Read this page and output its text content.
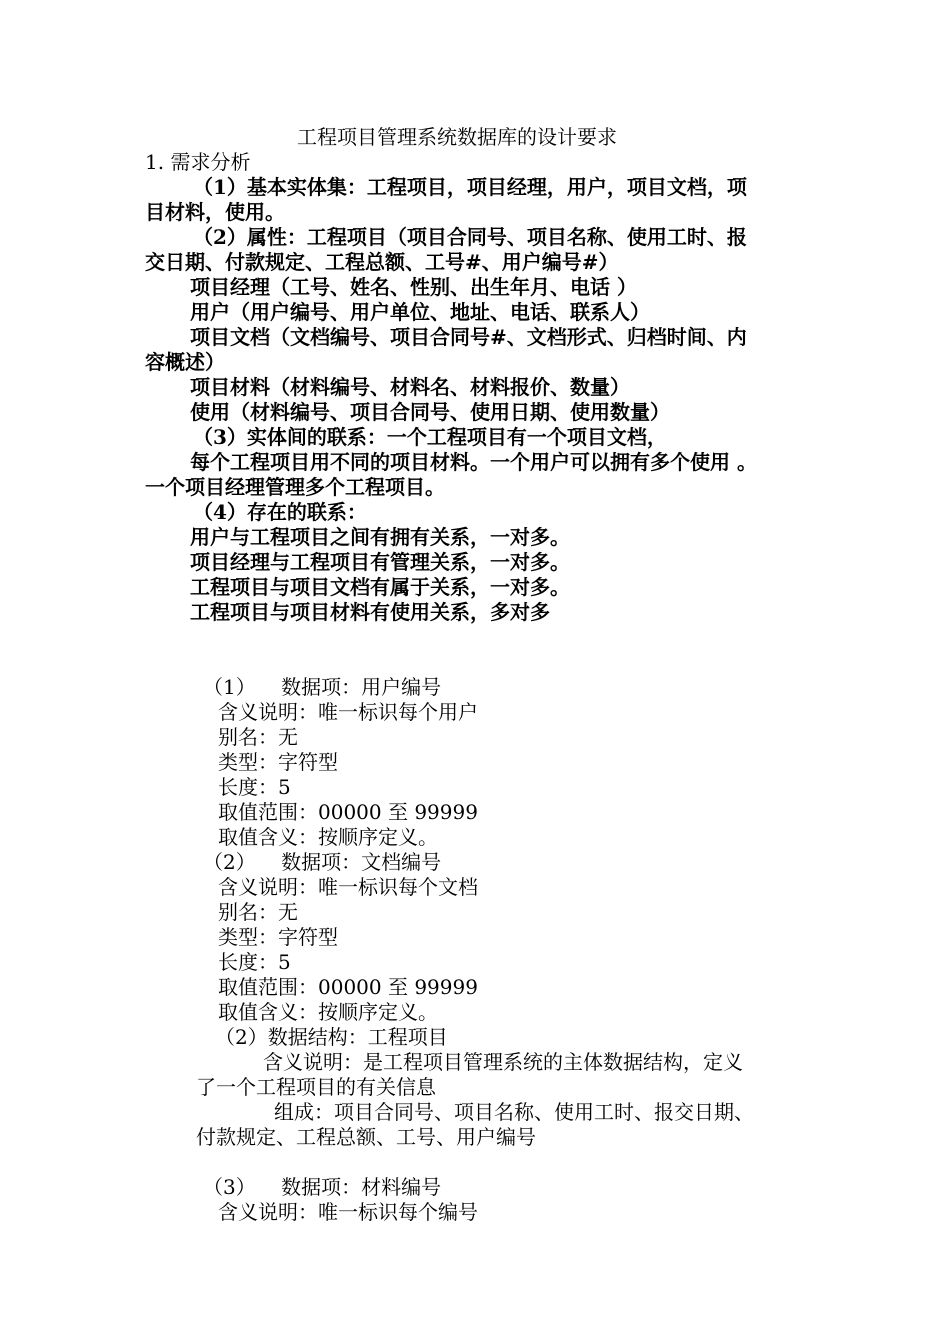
工程项目管理系统数据库的设计要求
1. 需求分析
（1）基本实体集：工程项目，项目经理，用户，项目文档，项
目材料，使用。
（2）属性：工程项目（项目合同号、项目名称、使用工时、报
交日期、付款规定、工程总额、工号#、用户编号#）
项目经理（工号、姓名、性别、出生年月、电话 ）
用户（用户编号、用户单位、地址、电话、联系人）
项目文档（文档编号、项目合同号#、文档形式、归档时间、内
容概述）
项目材料（材料编号、材料名、材料报价、数量）
使用（材料编号、项目合同号、使用日期、使用数量）
（3）实体间的联系：一个工程项目有一个项目文档，
每个工程项目用不同的项目材料。一个用户可以拥有多个使用 。
一个项目经理管理多个工程项目。
（4）存在的联系：
用户与工程项目之间有拥有关系，一对多。
项目经理与工程项目有管理关系，一对多。
工程项目与项目文档有属于关系，一对多。
工程项目与项目材料有使用关系，多对多
（1）    数据项：用户编号
含义说明：唯一标识每个用户
别名：无
类型：字符型
长度：5
取值范围：00000 至 99999
取值含义：按顺序定义。
（2）    数据项：文档编号
含义说明：唯一标识每个文档
别名：无
类型：字符型
长度：5
取值范围：00000 至 99999
取值含义：按顺序定义。
（2）数据结构：工程项目
含义说明：是工程项目管理系统的主体数据结构，定义
了一个工程项目的有关信息
组成：项目合同号、项目名称、使用工时、报交日期、
付款规定、工程总额、工号、用户编号
（3）    数据项：材料编号
含义说明：唯一标识每个编号
